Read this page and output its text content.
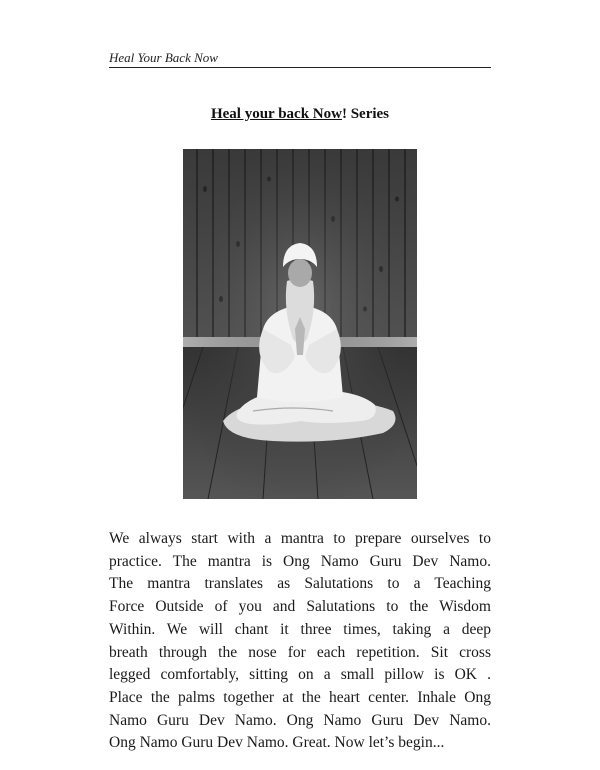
Heal Your Back Now
Heal your back Now! Series
We always start with a mantra to prepare ourselves to
practice. The mantra is Ong Namo Guru Dev Namo.
The mantra translates as Salutations to a Teaching
Force Outside of you and Salutations to the Wisdom
Within. We will chant it three times, taking a deep
breath through the nose for each repetition. Sit cross
legged comfortably, sitting on a small pillow is OK .
Place the palms together at the heart center. Inhale Ong
Namo Guru Dev Namo. Ong Namo Guru Dev Namo.
Ong Namo Guru Dev Namo. Great. Now let’s begin...
